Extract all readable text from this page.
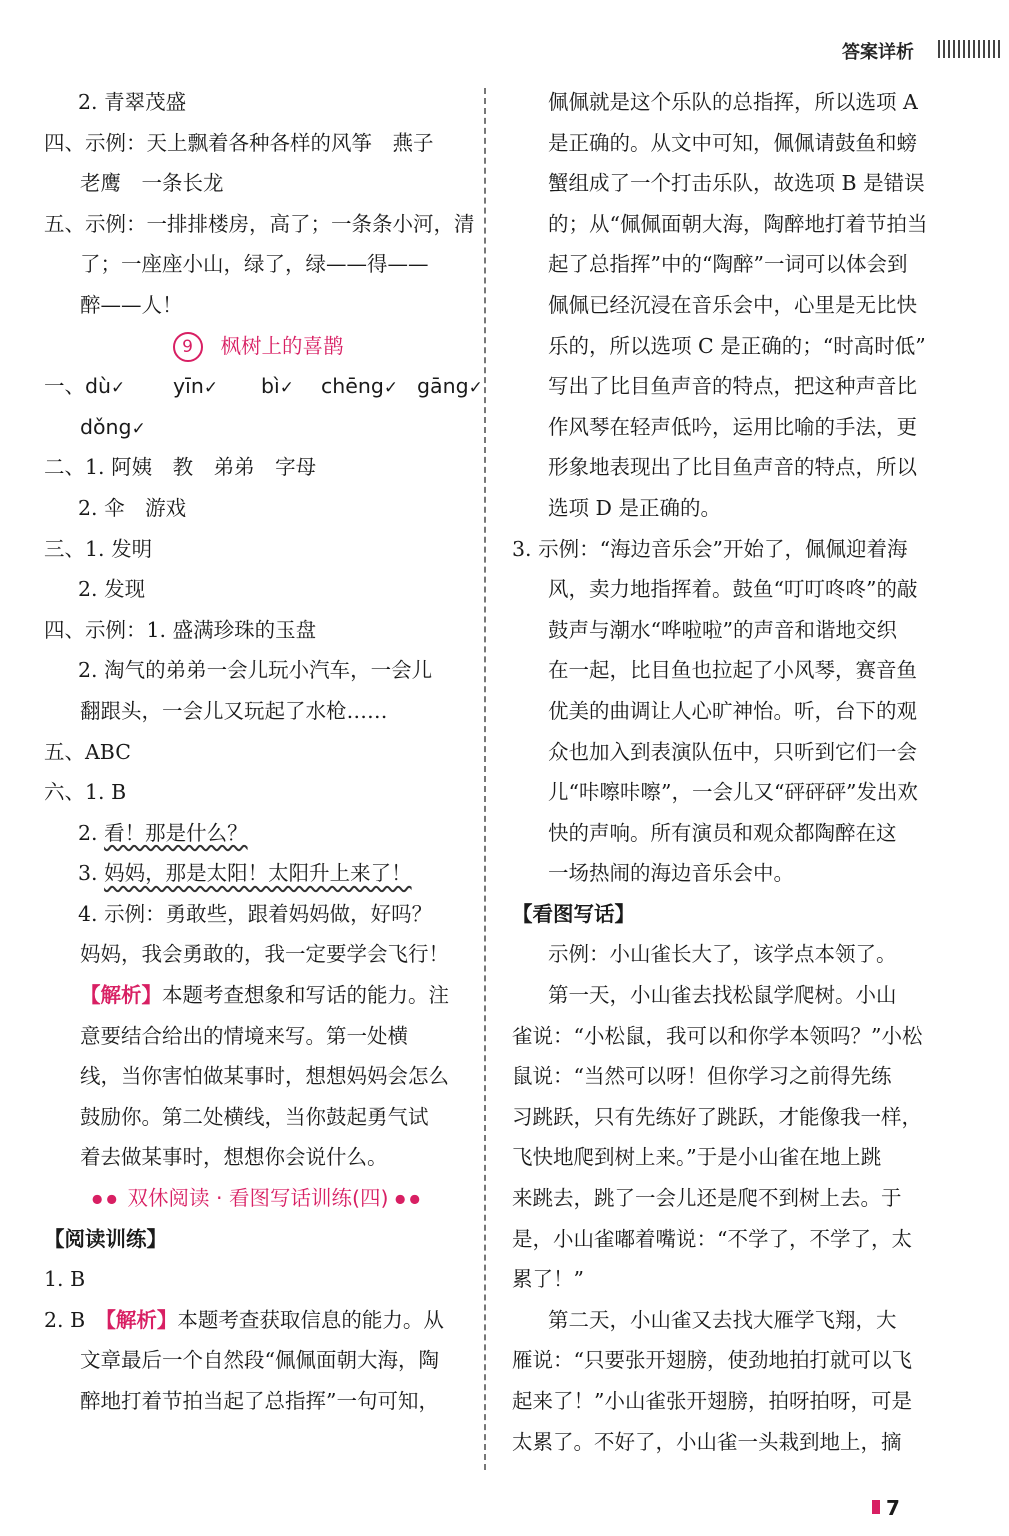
答案详析
2. 青翠茂盛
四、示例：天上飘着各种各样的风筝　燕子
老鹰　一条长龙
五、示例：一排排楼房，高了；一条条小河，清
了；一座座小山，绿了，绿——得——
醉——人！
9 枫树上的喜鹊
一、dù✓ yīn✓ bì✓ chēng✓ gāng✓
dǒng✓
二、1. 阿姨　教　弟弟　字母
2. 伞　游戏
三、1. 发明
2. 发现
四、示例：1. 盛满珍珠的玉盘
2. 淘气的弟弟一会儿玩小汽车，一会儿
翻跟头，一会儿又玩起了水枪……
五、ABC
六、1. B
2. 看！那是什么？
3. 妈妈，那是太阳！太阳升上来了！
4. 示例：勇敢些，跟着妈妈做，好吗？
妈妈，我会勇敢的，我一定要学会飞行！
【解析】本题考查想象和写话的能力。注
意要结合给出的情境来写。第一处横
线，当你害怕做某事时，想想妈妈会怎么
鼓励你。第二处横线，当你鼓起勇气试
着去做某事时，想想你会说什么。
●● 双休阅读 · 看图写话训练(四) ●●
【阅读训练】
1. B
2. B　【解析】本题考查获取信息的能力。从
文章最后一个自然段“佩佩面朝大海，陶
醉地打着节拍当起了总指挥”一句可知，
佩佩就是这个乐队的总指挥，所以选项 A
是正确的。从文中可知，佩佩请鼓鱼和螃
蟹组成了一个打击乐队，故选项 B 是错误
的；从“佩佩面朝大海，陶醉地打着节拍当
起了总指挥”中的“陶醉”一词可以体会到
佩佩已经沉浸在音乐会中，心里是无比快
乐的，所以选项 C 是正确的；“时高时低”
写出了比目鱼声音的特点，把这种声音比
作风琴在轻声低吟，运用比喻的手法，更
形象地表现出了比目鱼声音的特点，所以
选项 D 是正确的。
3. 示例：“海边音乐会”开始了，佩佩迎着海
风，卖力地指挥着。鼓鱼“叮叮咚咚”的敲
鼓声与潮水“哗啦啦”的声音和谐地交织
在一起，比目鱼也拉起了小风琴，赛音鱼
优美的曲调让人心旷神怡。听，台下的观
众也加入到表演队伍中，只听到它们一会
儿“咔嚓咔嚓”，一会儿又“砰砰砰”发出欢
快的声响。所有演员和观众都陶醉在这
一场热闹的海边音乐会中。
【看图写话】
示例：小山雀长大了，该学点本领了。
第一天，小山雀去找松鼠学爬树。小山
雀说：“小松鼠，我可以和你学本领吗？”小松
鼠说：“当然可以呀！但你学习之前得先练
习跳跃，只有先练好了跳跃，才能像我一样，
飞快地爬到树上来。”于是小山雀在地上跳
来跳去，跳了一会儿还是爬不到树上去。于
是，小山雀嘟着嘴说：“不学了，不学了，太
累了！”
第二天，小山雀又去找大雁学飞翔，大
雁说：“只要张开翅膀，使劲地拍打就可以飞
起来了！”小山雀张开翅膀，拍呀拍呀，可是
太累了。不好了，小山雀一头栽到地上，摘
7
